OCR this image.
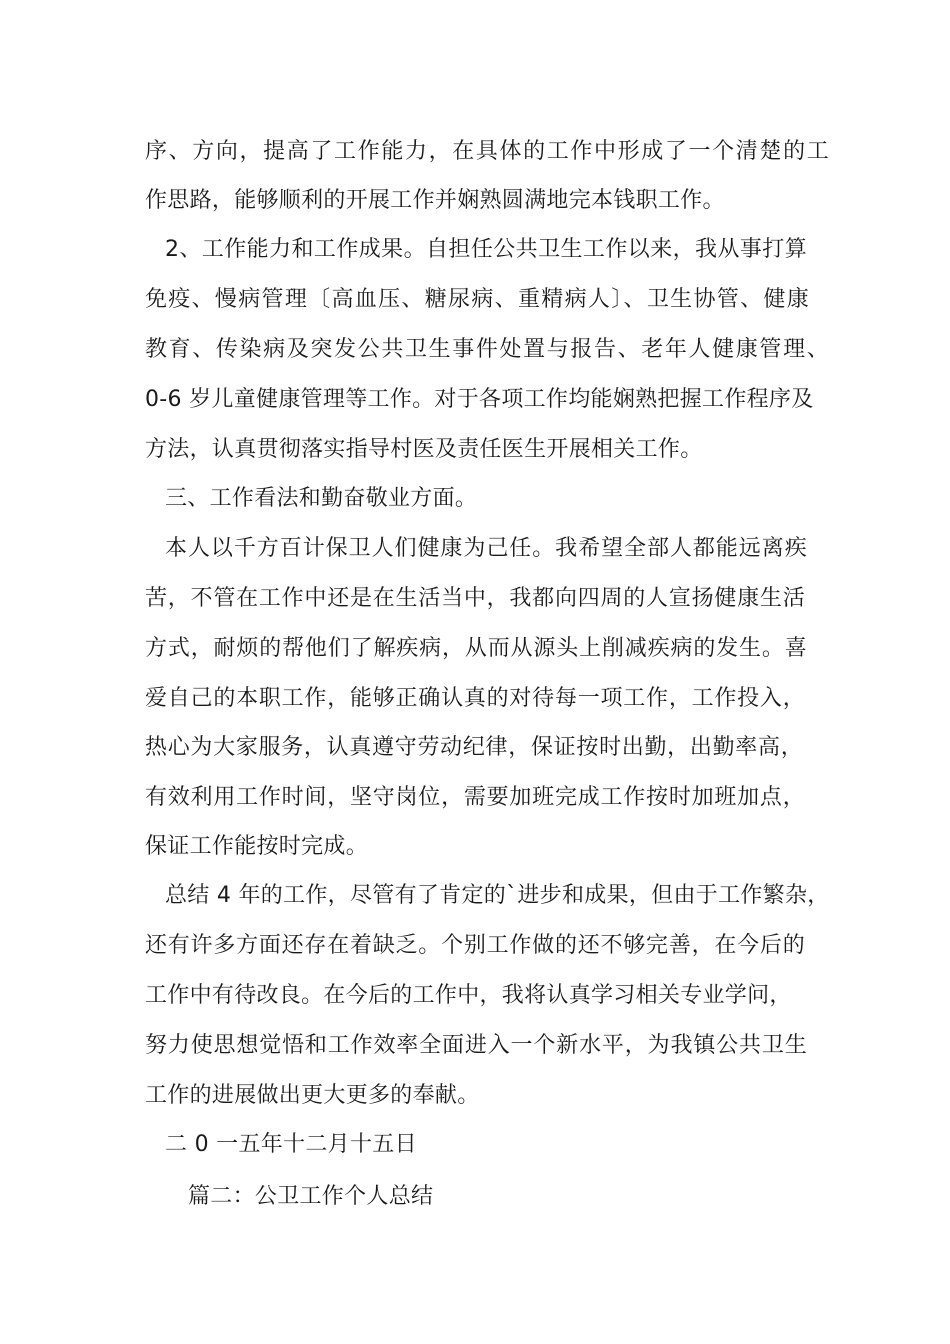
序、方向，提高了工作能力，在具体的工作中形成了一个清楚的工

作思路，能够顺利的开展工作并娴熟圆满地完本钱职工作。

2、工作能力和工作成果。自担任公共卫生工作以来，我从事打算

免疫、慢病管理〔高血压、糖尿病、重精病人〕、卫生协管、健康

教育、传染病及突发公共卫生事件处置与报告、老年人健康管理、

0-6 岁儿童健康管理等工作。对于各项工作均能娴熟把握工作程序及

方法，认真贯彻落实指导村医及责任医生开展相关工作。

三、工作看法和勤奋敬业方面。

本人以千方百计保卫人们健康为己任。我希望全部人都能远离疾

苦，不管在工作中还是在生活当中，我都向四周的人宣扬健康生活

方式，耐烦的帮他们了解疾病，从而从源头上削减疾病的发生。喜

爱自己的本职工作，能够正确认真的对待每一项工作，工作投入，

热心为大家服务，认真遵守劳动纪律，保证按时出勤，出勤率高，

有效利用工作时间，坚守岗位，需要加班完成工作按时加班加点，

保证工作能按时完成。

总结 4 年的工作，尽管有了肯定的`进步和成果，但由于工作繁杂，

还有许多方面还存在着缺乏。个别工作做的还不够完善，在今后的

工作中有待改良。在今后的工作中，我将认真学习相关专业学问，

努力使思想觉悟和工作效率全面进入一个新水平，为我镇公共卫生

工作的进展做出更大更多的奉献。

二 0 一五年十二月十五日

篇二：公卫工作个人总结
